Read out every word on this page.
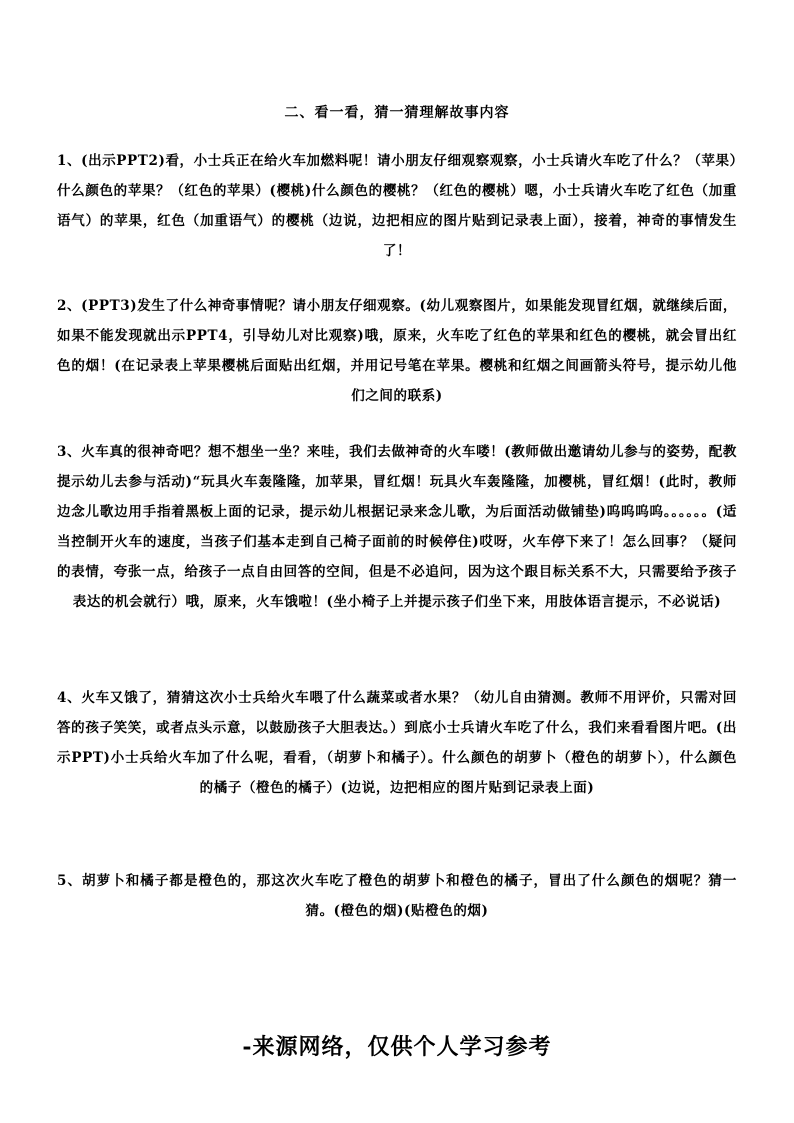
二、看一看，猜一猜理解故事内容

1、(出示PPT2)看，小士兵正在给火车加燃料呢！请小朋友仔细观察观察，小士兵请火车吃了什么？（苹果）什么颜色的苹果？（红色的苹果）(樱桃)什么颜色的樱桃？（红色的樱桃）嗯，小士兵请火车吃了红色（加重语气）的苹果，红色（加重语气）的樱桃（边说，边把相应的图片贴到记录表上面），接着，神奇的事情发生了！

2、(PPT3)发生了什么神奇事情呢？请小朋友仔细观察。(幼儿观察图片，如果能发现冒红烟，就继续后面，如果不能发现就出示PPT4，引导幼儿对比观察)哦，原来，火车吃了红色的苹果和红色的樱桃，就会冒出红色的烟！(在记录表上苹果樱桃后面贴出红烟，并用记号笔在苹果。樱桃和红烟之间画箭头符号，提示幼儿他们之间的联系)

3、火车真的很神奇吧？想不想坐一坐？来哇，我们去做神奇的火车喽！(教师做出邀请幼儿参与的姿势，配教提示幼儿去参与活动)“玩具火车轰隆隆，加苹果，冒红烟！玩具火车轰隆隆，加樱桃，冒红烟！(此时，教师边念儿歌边用手指着黑板上面的记录，提示幼儿根据记录来念儿歌，为后面活动做铺垫)呜呜呜呜。。。。。。(适当控制开火车的速度，当孩子们基本走到自己椅子面前的时候停住)哎呀，火车停下来了！怎么回事？（疑问的表情，夸张一点，给孩子一点自由回答的空间，但是不必追问，因为这个跟目标关系不大，只需要给予孩子表达的机会就行）哦，原来，火车饿啦！(坐小椅子上并提示孩子们坐下来，用肢体语言提示，不必说话)

4、火车又饿了，猜猜这次小士兵给火车喂了什么蔬菜或者水果？（幼儿自由猜测。教师不用评价，只需对回答的孩子笑笑，或者点头示意，以鼓励孩子大胆表达。）到底小士兵请火车吃了什么，我们来看看图片吧。(出示PPT)小士兵给火车加了什么呢，看看，（胡萝卜和橘子）。什么颜色的胡萝卜（橙色的胡萝卜），什么颜色的橘子（橙色的橘子）(边说，边把相应的图片贴到记录表上面)

5、胡萝卜和橘子都是橙色的，那这次火车吃了橙色的胡萝卜和橙色的橘子，冒出了什么颜色的烟呢？猜一猜。(橙色的烟)(贴橙色的烟)

-来源网络，仅供个人学习参考
